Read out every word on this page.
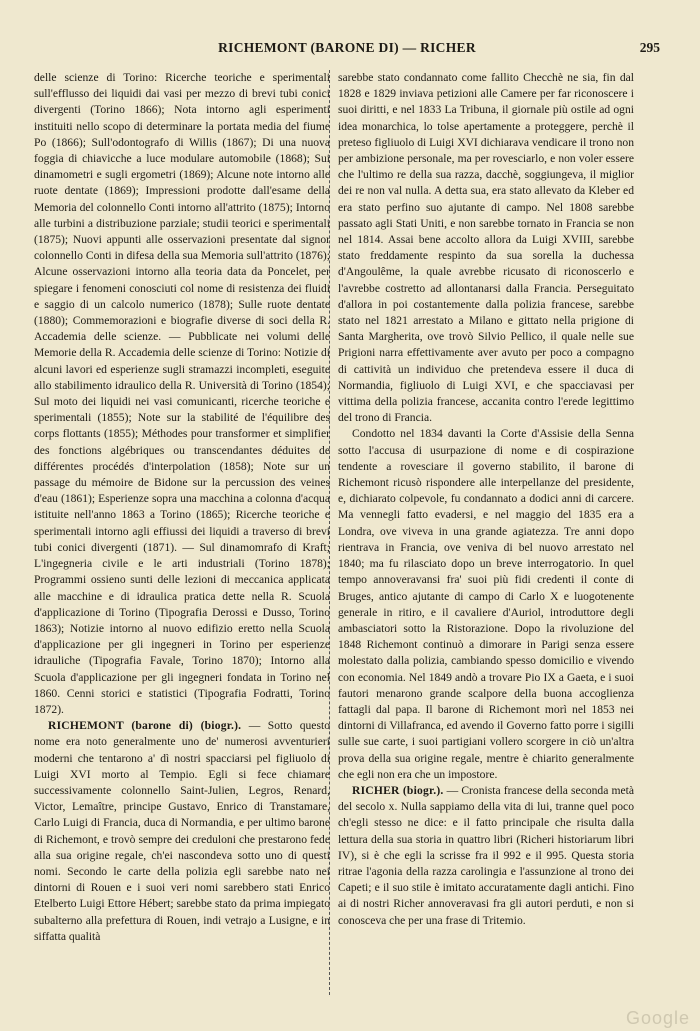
RICHEMONT (BARONE DI) — RICHER	295

delle scienze di Torino: Ricerche teoriche e sperimentali sull'efflusso dei liquidi dai vasi per mezzo di brevi tubi conici divergenti (Torino 1866); Nota intorno agli esperimenti instituiti nello scopo di determinare la portata media del fiume Po (1866); Sull'odontografo di Willis (1867); Di una nuova foggia di chiavicche a luce modulare automobile (1868); Sui dinamometri e sugli ergometri (1869); Alcune note intorno alle ruote dentate (1869); Impressioni prodotte dall'esame della Memoria del colonnello Conti intorno all'attrito (1875); Intorno alle turbini a distribuzione parziale; studii teorici e sperimentali (1875); Nuovi appunti alle osservazioni presentate dal signor colonnello Conti in difesa della sua Memoria sull'attrito (1876); Alcune osservazioni intorno alla teoria data da Poncelet, per spiegare i fenomeni conosciuti col nome di resistenza dei fluidi e saggio di un calcolo numerico (1878); Sulle ruote dentate (1880); Commemorazioni e biografie diverse di soci della R. Accademia delle scienze. — Pubblicate nei volumi delle Memorie della R. Accademia delle scienze di Torino: Notizie di alcuni lavori ed esperienze sugli stramazzi incompleti, eseguite allo stabilimento idraulico della R. Università di Torino (1854); Sul moto dei liquidi nei vasi comunicanti, ricerche teoriche e sperimentali (1855); Note sur la stabilité de l'équilibre des corps flottants (1855); Méthodes pour transformer et simplifier des fonctions algébriques ou transcendantes déduites de différentes procédés d'interpolation (1858); Note sur un passage du mémoire de Bidone sur la percussion des veines d'eau (1861); Esperienze sopra una macchina a colonna d'acqua istituite nell'anno 1863 a Torino (1865); Ricerche teoriche e sperimentali intorno agli effiussi dei liquidi a traverso di brevi tubi conici divergenti (1871). — Sul dinamomrafo di Kraft; L'ingegneria civile e le arti industriali (Torino 1878); Programmi ossieno sunti delle lezioni di meccanica applicata alle macchine e di idraulica pratica dette nella R. Scuola d'applicazione di Torino (Tipografia Derossi e Dusso, Torino 1863); Notizie intorno al nuovo edifizio eretto nella Scuola d'applicazione per gli ingegneri in Torino per esperienze idrauliche (Tipografia Favale, Torino 1870); Intorno alla Scuola d'applicazione per gli ingegneri fondata in Torino nel 1860. Cenni storici e statistici (Tipografia Fodratti, Torino 1872).

RICHEMONT (barone di) (biogr.). — Sotto questo nome era noto generalmente uno de' numerosi avventurieri moderni che tentarono a' dì nostri spacciarsi pel figliuolo di Luigi XVI morto al Tempio. Egli si fece chiamare successivamente colonnello Saint-Julien, Legros, Renard, Victor, Lemaître, principe Gustavo, Enrico di Transtamare, Carlo Luigi di Francia, duca di Normandia, e per ultimo barone di Richemont, e trovò sempre dei creduloni che prestarono fede alla sua origine regale, ch'ei nascondeva sotto uno di questi nomi. Secondo le carte della polizia egli sarebbe nato nei dintorni di Rouen e i suoi veri nomi sarebbero stati Enrico Etelberto Luigi Ettore Hébert; sarebbe stato da prima impiegato subalterno alla prefettura di Rouen, indi vetrajo a Lusigne, e in siffatta qualità

sarebbe stato condannato come fallito Checchè ne sia, fin dal 1828 e 1829 inviava petizioni alle Camere per far riconoscere i suoi diritti, e nel 1833 La Tribuna, il giornale più ostile ad ogni idea monarchica, lo tolse apertamente a proteggere, perchè il preteso figliuolo di Luigi XVI dichiarava vendicare il trono non per ambizione personale, ma per rovesciarlo, e non voler essere che l'ultimo re della sua razza, dacchè, soggiungeva, il miglior dei re non val nulla. A detta sua, era stato allevato da Kleber ed era stato perfino suo ajutante di campo. Nel 1808 sarebbe passato agli Stati Uniti, e non sarebbe tornato in Francia se non nel 1814. Assai bene accolto allora da Luigi XVIII, sarebbe stato freddamente respinto da sua sorella la duchessa d'Angoulême, la quale avrebbe ricusato di riconoscerlo e l'avrebbe costretto ad allontanarsi dalla Francia. Perseguitato d'allora in poi costantemente dalla polizia francese, sarebbe stato nel 1821 arrestato a Milano e gittato nella prigione di Santa Margherita, ove trovò Silvio Pellico, il quale nelle sue Prigioni narra effettivamente aver avuto per poco a compagno di cattività un individuo che pretendeva essere il duca di Normandia, figliuolo di Luigi XVI, e che spacciavasi per vittima della polizia francese, accanita contro l'erede legittimo del trono di Francia.

Condotto nel 1834 davanti la Corte d'Assisie della Senna sotto l'accusa di usurpazione di nome e di cospirazione tendente a rovesciare il governo stabilito, il barone di Richemont ricusò rispondere alle interpellanze del presidente, e, dichiarato colpevole, fu condannato a dodici anni di carcere. Ma vennegli fatto evadersi, e nel maggio del 1835 era a Londra, ove viveva in una grande agiatezza. Tre anni dopo rientrava in Francia, ove veniva di bel nuovo arrestato nel 1840; ma fu rilasciato dopo un breve interrogatorio. In quel tempo annoveravansi fra' suoi più fidi credenti il conte di Bruges, antico ajutante di campo di Carlo X e luogotenente generale in ritiro, e il cavaliere d'Auriol, introduttore degli ambasciatori sotto la Ristorazione. Dopo la rivoluzione del 1848 Richemont continuò a dimorare in Parigi senza essere molestato dalla polizia, cambiando spesso domicilio e vivendo con economia. Nel 1849 andò a trovare Pio IX a Gaeta, e i suoi fautori menarono grande scalpore della buona accoglienza fattagli dal papa. Il barone di Richemont morì nel 1853 nei dintorni di Villafranca, ed avendo il Governo fatto porre i sigilli sulle sue carte, i suoi partigiani vollero scorgere in ciò un'altra prova della sua origine regale, mentre è chiarito generalmente che egli non era che un impostore.

RICHER (biogr.). — Cronista francese della seconda metà del secolo x. Nulla sappiamo della vita di lui, tranne quel poco ch'egli stesso ne dice: e il fatto principale che risulta dalla lettura della sua storia in quattro libri (Richeri historiarum libri IV), si è che egli la scrisse fra il 992 e il 995. Questa storia ritrae l'agonia della razza carolingia e l'assunzione al trono dei Capeti; e il suo stile è imitato accuratamente dagli antichi. Fino ai di nostri Richer annoveravasi fra gli autori perduti, e non si conosceva che per una frase di Tritemio.

Google
